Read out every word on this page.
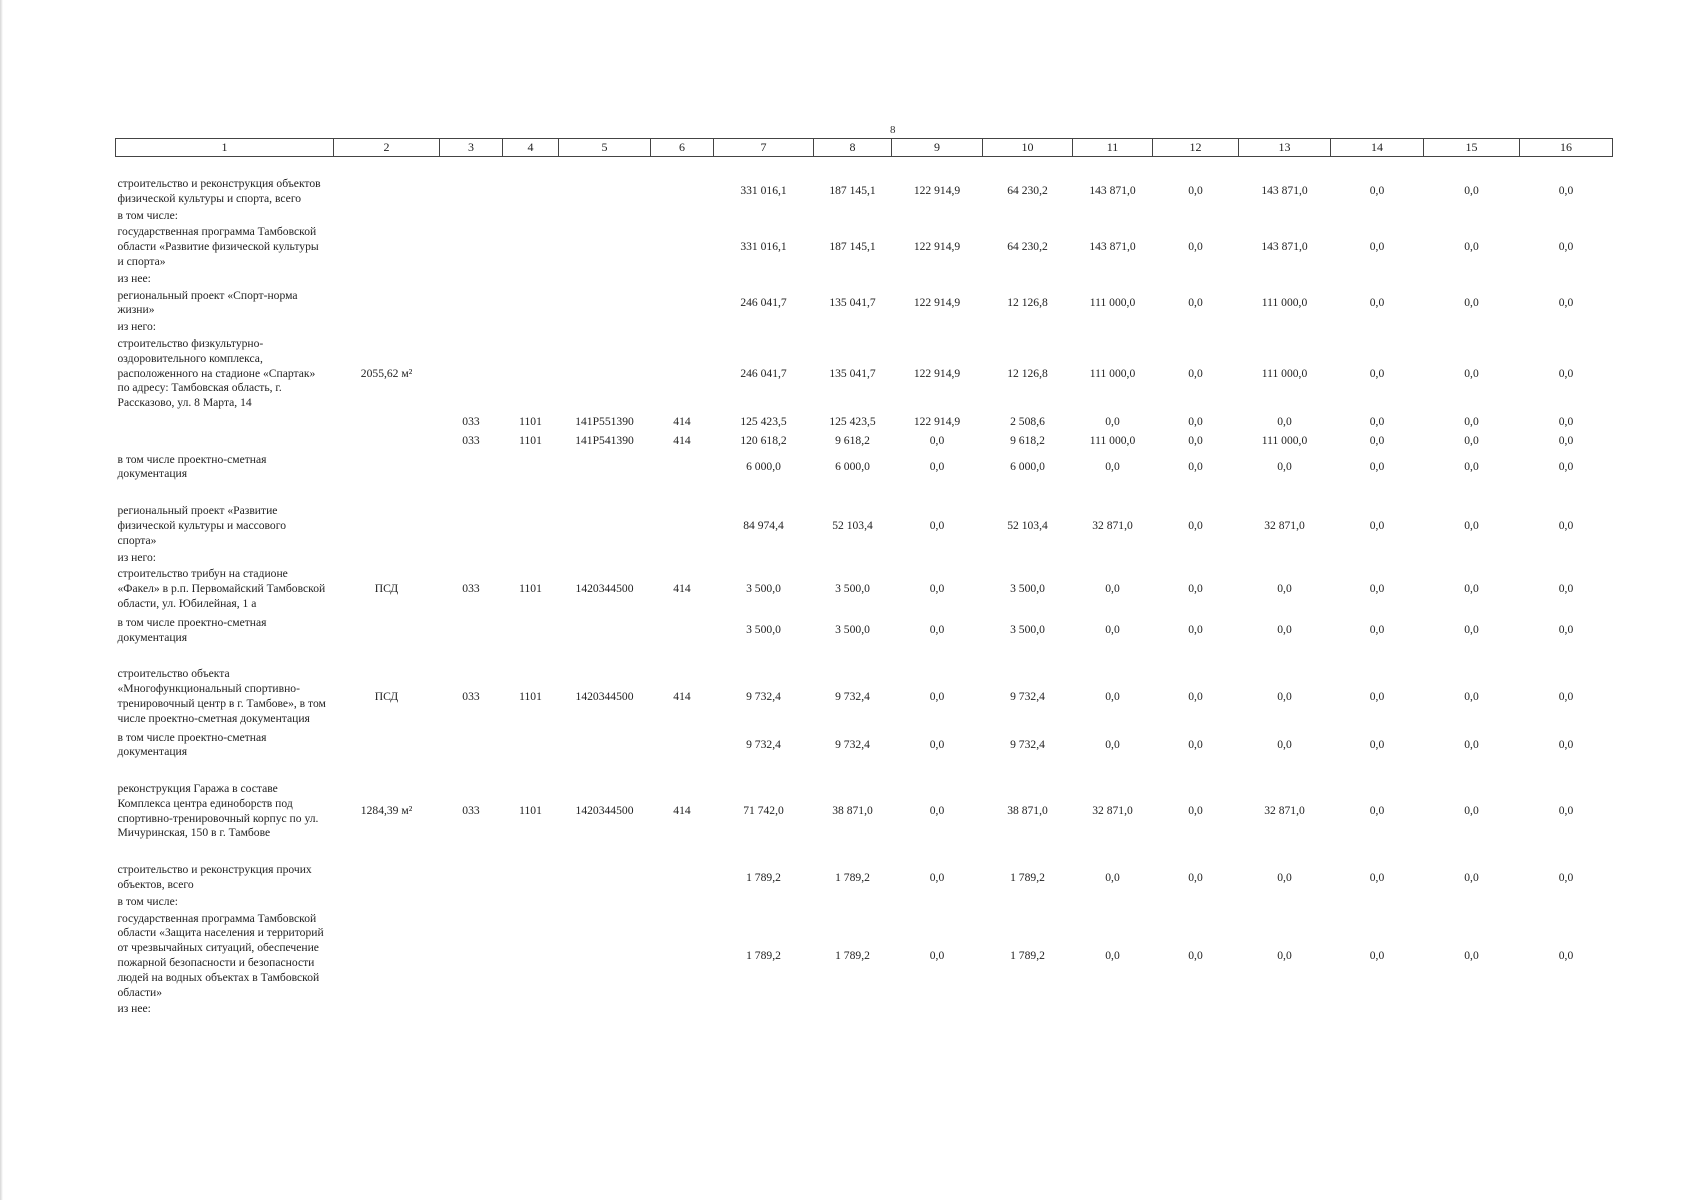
8
1	2	3	4	5	6	7	8	9	10	11	12	13	14	15	16

строительство и реконструкция объектов физической культуры и спорта, всего						331 016,1	187 145,1	122 914,9	64 230,2	143 871,0	0,0	143 871,0	0,0	0,0	0,0
в том числе:															
государственная программа Тамбовской области «Развитие физической культуры и спорта»						331 016,1	187 145,1	122 914,9	64 230,2	143 871,0	0,0	143 871,0	0,0	0,0	0,0
из нее:															
региональный проект «Спорт-норма жизни»						246 041,7	135 041,7	122 914,9	12 126,8	111 000,0	0,0	111 000,0	0,0	0,0	0,0
из него:															
строительство физкультурно-оздоровительного комплекса, расположенного на стадионе «Спартак» по адресу: Тамбовская область, г. Рассказово, ул. 8 Марта, 14	2055,62 м²					246 041,7	135 041,7	122 914,9	12 126,8	111 000,0	0,0	111 000,0	0,0	0,0	0,0
		033	1101	141P551390	414	125 423,5	125 423,5	122 914,9	2 508,6	0,0	0,0	0,0	0,0	0,0	0,0
		033	1101	141P541390	414	120 618,2	9 618,2	0,0	9 618,2	111 000,0	0,0	111 000,0	0,0	0,0	0,0
в том числе проектно-сметная документация						6 000,0	6 000,0	0,0	6 000,0	0,0	0,0	0,0	0,0	0,0	0,0

региональный проект «Развитие физической культуры и массового спорта»						84 974,4	52 103,4	0,0	52 103,4	32 871,0	0,0	32 871,0	0,0	0,0	0,0
из него:															
строительство трибун на стадионе «Факел» в р.п. Первомайский Тамбовской области, ул. Юбилейная, 1 а	ПСД	033	1101	1420344500	414	3 500,0	3 500,0	0,0	3 500,0	0,0	0,0	0,0	0,0	0,0	0,0
в том числе проектно-сметная документация						3 500,0	3 500,0	0,0	3 500,0	0,0	0,0	0,0	0,0	0,0	0,0

строительство объекта «Многофункциональный спортивно-тренировочный центр в г. Тамбове», в том числе проектно-сметная документация	ПСД	033	1101	1420344500	414	9 732,4	9 732,4	0,0	9 732,4	0,0	0,0	0,0	0,0	0,0	0,0
в том числе проектно-сметная документация						9 732,4	9 732,4	0,0	9 732,4	0,0	0,0	0,0	0,0	0,0	0,0

реконструкция Гаража в составе Комплекса центра единоборств под спортивно-тренировочный корпус по ул. Мичуринская, 150 в г. Тамбове	1284,39 м²	033	1101	1420344500	414	71 742,0	38 871,0	0,0	38 871,0	32 871,0	0,0	32 871,0	0,0	0,0	0,0

строительство и реконструкция прочих объектов, всего						1 789,2	1 789,2	0,0	1 789,2	0,0	0,0	0,0	0,0	0,0	0,0
в том числе:															
государственная программа Тамбовской области «Защита населения и территорий от чрезвычайных ситуаций, обеспечение пожарной безопасности и безопасности людей на водных объектах в Тамбовской области»						1 789,2	1 789,2	0,0	1 789,2	0,0	0,0	0,0	0,0	0,0	0,0
из нее:															
